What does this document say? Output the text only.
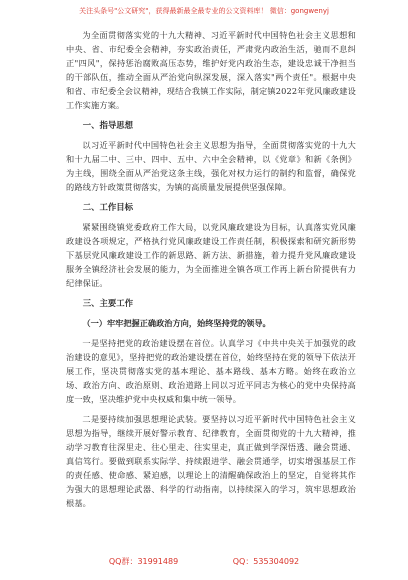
关注头条号"公文研究"，获得最新最全最专业的公文资料库！ 微信：gongwenyj

为全面贯彻落实党的十九大精神、习近平新时代中国特色社会主义思想和中央、省、市纪委全会精神，夯实政治责任，严肃党内政治生活，驰而不息纠正"四风"，保持惩治腐败高压态势，维护好党内政治生态，建设忠诚干净担当的干部队伍，推动全面从严治党向纵深发展，深入落实"两个责任"。根据中央和省、市纪委全会议精神，现结合我镇工作实际，制定镇2022年党风廉政建设工作实施方案。

一、指导思想

以习近平新时代中国特色社会主义思想为指导，全面贯彻落实党的十九大和十九届二中、三中、四中、五中、六中全会精神，以《党章》和新《条例》为主线，围绕全面从严治党这条主线，强化对权力运行的制约和监督，确保党的路线方针政策贯彻落实，为镇的高质量发展提供坚强保障。

二、工作目标

紧紧围绕镇党委政府工作大局，以党风廉政建设为目标，认真落实党风廉政建设各项规定，严格执行党风廉政建设工作责任制，积极探索和研究新形势下基层党风廉政建设工作的新思路、新方法、新措施，着力提升党风廉政建设服务全镇经济社会发展的能力，为全面推进全镇各项工作再上新台阶提供有力纪律保证。

三、主要工作
（一）牢牢把握正确政治方向，始终坚持党的领导。

一是坚持把党的政治建设摆在首位。认真学习《中共中央关于加强党的政治建设的意见》，坚持把党的政治建设摆在首位，始终坚持在党的领导下依法开展工作，坚决贯彻落实党的基本理论、基本路线、基本方略。始终在政治立场、政治方向、政治原则、政治道路上同以习近平同志为核心的党中央保持高度一致，坚决维护党中央权威和集中统一领导。

二是要持续加强思想理论武装。要坚持以习近平新时代中国特色社会主义思想为指导，继续开展好警示教育、纪律教育，全面贯彻党的十九大精神，推动学习教育往深里走、往心里走、往实里走，真正做到学深悟透、融会贯通、真信笃行。要做到联系实际学、持续跟进学、融会贯通学，切实增强基层工作的责任感、使命感、紧迫感，以理论上的清醒确保政治上的坚定，自觉将其作为强大的思想理论武器、科学的行动指南，以持续深入的学习，筑牢思想政治根基。

QQ群：31991489	QQ：535304092
